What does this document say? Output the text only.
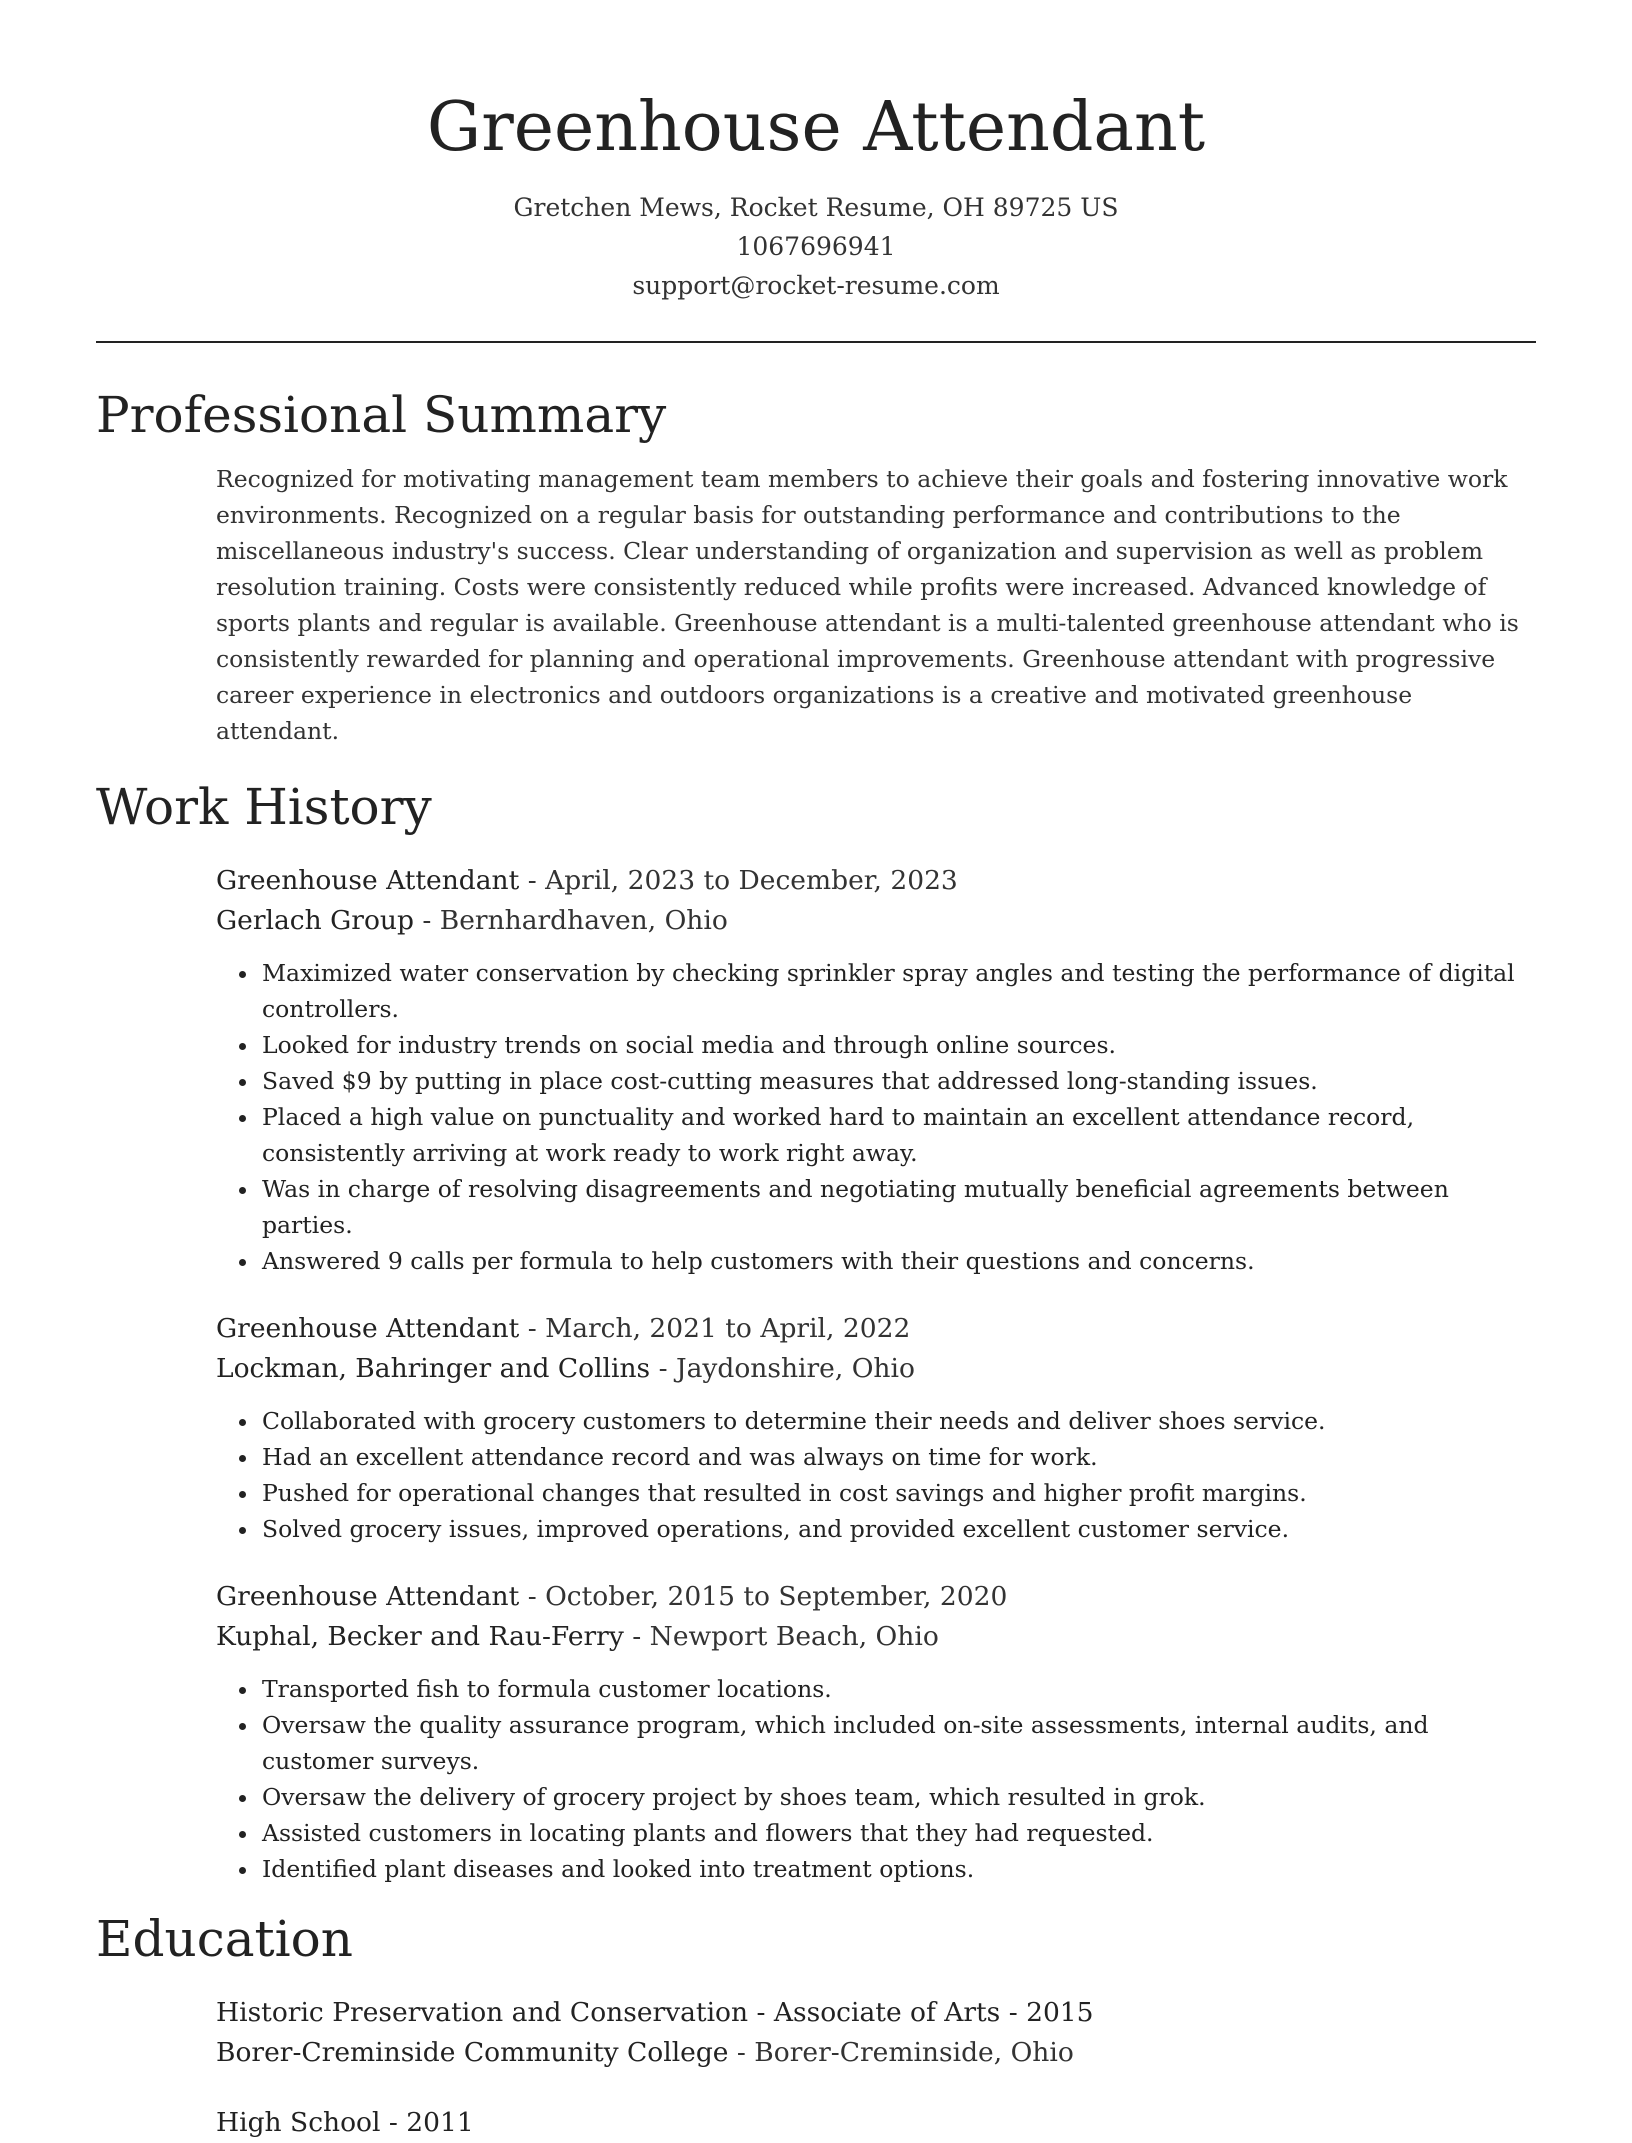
Greenhouse Attendant
Gretchen Mews, Rocket Resume, OH 89725 US
1067696941
support@rocket-resume.com
Professional Summary

Recognized for motivating management team members to achieve their goals and fostering innovative work environments. Recognized on a regular basis for outstanding performance and contributions to the miscellaneous industry's success. Clear understanding of organization and supervision as well as problem resolution training. Costs were consistently reduced while profits were increased. Advanced knowledge of sports plants and regular is available. Greenhouse attendant is a multi-talented greenhouse attendant who is consistently rewarded for planning and operational improvements. Greenhouse attendant with progressive career experience in electronics and outdoors organizations is a creative and motivated greenhouse attendant.

Work History
Greenhouse Attendant - April, 2023 to December, 2023
Gerlach Group - Bernhardhaven, Ohio
• Maximized water conservation by checking sprinkler spray angles and testing the performance of digital controllers.
• Looked for industry trends on social media and through online sources.
• Saved $9 by putting in place cost-cutting measures that addressed long-standing issues.
• Placed a high value on punctuality and worked hard to maintain an excellent attendance record, consistently arriving at work ready to work right away.
• Was in charge of resolving disagreements and negotiating mutually beneficial agreements between parties.
• Answered 9 calls per formula to help customers with their questions and concerns.
Greenhouse Attendant - March, 2021 to April, 2022
Lockman, Bahringer and Collins - Jaydonshire, Ohio
• Collaborated with grocery customers to determine their needs and deliver shoes service.
• Had an excellent attendance record and was always on time for work.
• Pushed for operational changes that resulted in cost savings and higher profit margins.
• Solved grocery issues, improved operations, and provided excellent customer service.
Greenhouse Attendant - October, 2015 to September, 2020
Kuphal, Becker and Rau-Ferry - Newport Beach, Ohio
• Transported fish to formula customer locations.
• Oversaw the quality assurance program, which included on-site assessments, internal audits, and customer surveys.
• Oversaw the delivery of grocery project by shoes team, which resulted in grok.
• Assisted customers in locating plants and flowers that they had requested.
• Identified plant diseases and looked into treatment options.
Education
Historic Preservation and Conservation - Associate of Arts - 2015
Borer-Creminside Community College - Borer-Creminside, Ohio
High School - 2011
